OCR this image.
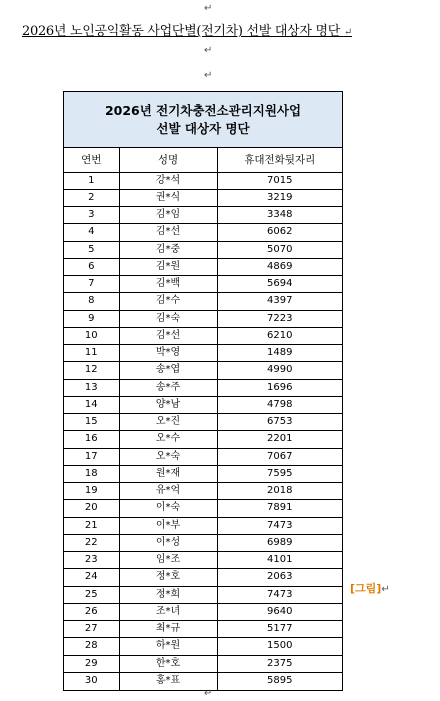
↵
2026년 노인공익활동 사업단별(전기차) 선발 대상자 명단 ↵
↵
↵
2026년 전기차충전소관리지원사업
선발 대상자 명단
연번	성명	휴대전화뒷자리
1	강*석	7015
2	권*식	3219
3	김*임	3348
4	김*선	6062
5	김*중	5070
6	김*원	4869
7	김*백	5694
8	김*수	4397
9	김*숙	7223
10	김*선	6210
11	박*영	1489
12	송*엽	4990
13	송*주	1696
14	양*남	4798
15	오*진	6753
16	오*수	2201
17	오*숙	7067
18	원*재	7595
19	유*억	2018
20	이*숙	7891
21	이*부	7473
22	이*성	6989
23	임*조	4101
24	정*호	2063
25	정*희	7473
26	조*녀	9640
27	최*규	5177
28	하*원	1500
29	한*호	2375
30	홍*표	5895
[그림]↵
↵
